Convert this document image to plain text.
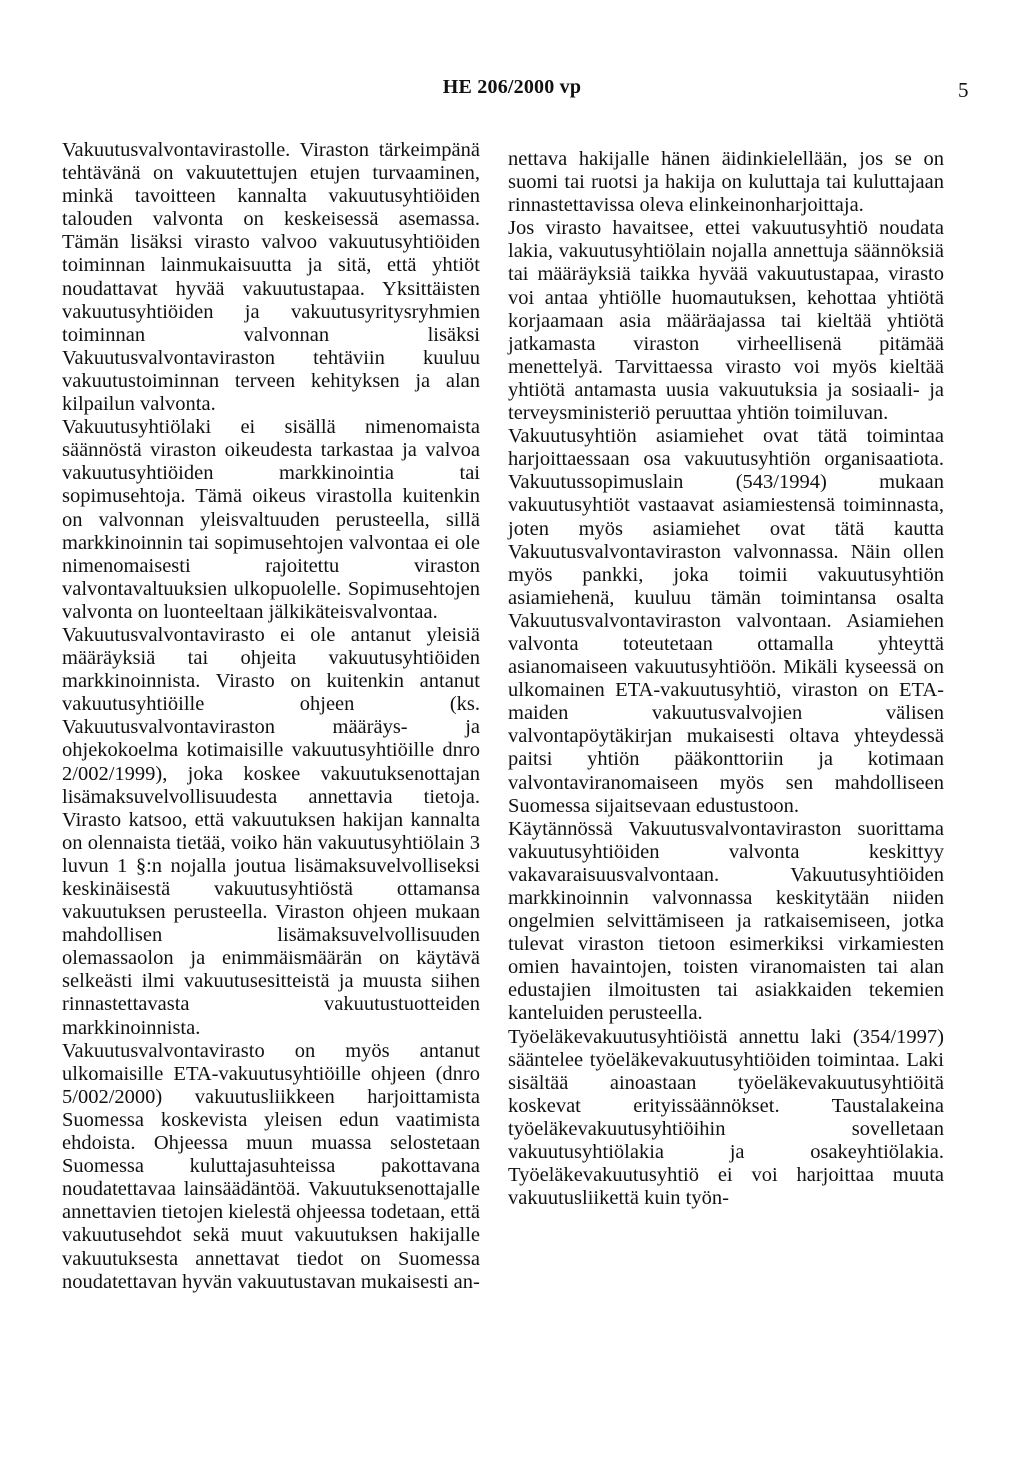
HE 206/2000 vp	5

Vakuutusvalvontavirastolle. Viraston tärkeimpänä tehtävänä on vakuutettujen etujen turvaaminen, minkä tavoitteen kannalta vakuutusyhtiöiden talouden valvonta on keskeisessä asemassa. Tämän lisäksi virasto valvoo vakuutusyhtiöiden toiminnan lainmukaisuutta ja sitä, että yhtiöt noudattavat hyvää vakuutustapaa. Yksittäisten vakuutusyhtiöiden ja vakuutusyritysryhmien toiminnan valvonnan lisäksi Vakuutusvalvontaviraston tehtäviin kuuluu vakuutustoiminnan terveen kehityksen ja alan kilpailun valvonta.

Vakuutusyhtiölaki ei sisällä nimenomaista säännöstä viraston oikeudesta tarkastaa ja valvoa vakuutusyhtiöiden markkinointia tai sopimusehtoja. Tämä oikeus virastolla kuitenkin on valvonnan yleisvaltuuden perusteella, sillä markkinoinnin tai sopimusehtojen valvontaa ei ole nimenomaisesti rajoitettu viraston valvontavaltuuksien ulkopuolelle. Sopimusehtojen valvonta on luonteeltaan jälkikäteisvalvontaa.

Vakuutusvalvontavirasto ei ole antanut yleisiä määräyksiä tai ohjeita vakuutusyhtiöiden markkinoinnista. Virasto on kuitenkin antanut vakuutusyhtiöille ohjeen (ks. Vakuutusvalvontaviraston määräys- ja ohjekokoelma kotimaisille vakuutusyhtiöille dnro 2/002/1999), joka koskee vakuutuksenottajan lisämaksuvelvollisuudesta annettavia tietoja. Virasto katsoo, että vakuutuksen hakijan kannalta on olennaista tietää, voiko hän vakuutusyhtiölain 3 luvun 1 §:n nojalla joutua lisämaksuvelvolliseksi keskinäisestä vakuutusyhtiöstä ottamansa vakuutuksen perusteella. Viraston ohjeen mukaan mahdollisen lisämaksuvelvollisuuden olemassaolon ja enimmäismäärän on käytävä selkeästi ilmi vakuutusesitteistä ja muusta siihen rinnastettavasta vakuutustuotteiden markkinoinnista.

Vakuutusvalvontavirasto on myös antanut ulkomaisille ETA-vakuutusyhtiöille ohjeen (dnro 5/002/2000) vakuutusliikkeen harjoittamista Suomessa koskevista yleisen edun vaatimista ehdoista. Ohjeessa muun muassa selostetaan Suomessa kuluttajasuhteissa pakottavana noudatettavaa lainsäädäntöä. Vakuutuksenottajalle annettavien tietojen kielestä ohjeessa todetaan, että vakuutusehdot sekä muut vakuutuksen hakijalle vakuutuksesta annettavat tiedot on Suomessa noudatettavan hyvän vakuutustavan mukaisesti an-

nettava hakijalle hänen äidinkielellään, jos se on suomi tai ruotsi ja hakija on kuluttaja tai kuluttajaan rinnastettavissa oleva elinkeinonharjoittaja.

Jos virasto havaitsee, ettei vakuutusyhtiö noudata lakia, vakuutusyhtiölain nojalla annettuja säännöksiä tai määräyksiä taikka hyvää vakuutustapaa, virasto voi antaa yhtiölle huomautuksen, kehottaa yhtiötä korjaamaan asia määräajassa tai kieltää yhtiötä jatkamasta viraston virheellisenä pitämää menettelyä. Tarvittaessa virasto voi myös kieltää yhtiötä antamasta uusia vakuutuksia ja sosiaali- ja terveysministeriö peruuttaa yhtiön toimiluvan.

Vakuutusyhtiön asiamiehet ovat tätä toimintaa harjoittaessaan osa vakuutusyhtiön organisaatiota. Vakuutussopimuslain (543/1994) mukaan vakuutusyhtiöt vastaavat asiamiestensä toiminnasta, joten myös asiamiehet ovat tätä kautta Vakuutusvalvontaviraston valvonnassa. Näin ollen myös pankki, joka toimii vakuutusyhtiön asiamiehenä, kuuluu tämän toimintansa osalta Vakuutusvalvontaviraston valvontaan. Asiamiehen valvonta toteutetaan ottamalla yhteyttä asianomaiseen vakuutusyhtiöön. Mikäli kyseessä on ulkomainen ETA-vakuutusyhtiö, viraston on ETA-maiden vakuutusvalvojien välisen valvontapöytäkirjan mukaisesti oltava yhteydessä paitsi yhtiön pääkonttoriin ja kotimaan valvontaviranomaiseen myös sen mahdolliseen Suomessa sijaitsevaan edustustoon.

Käytännössä Vakuutusvalvontaviraston suorittama vakuutusyhtiöiden valvonta keskittyy vakavaraisuusvalvontaan. Vakuutusyhtiöiden markkinoinnin valvonnassa keskitytään niiden ongelmien selvittämiseen ja ratkaisemiseen, jotka tulevat viraston tietoon esimerkiksi virkamiesten omien havaintojen, toisten viranomaisten tai alan edustajien ilmoitusten tai asiakkaiden tekemien kanteluiden perusteella.

Työeläkevakuutusyhtiöistä annettu laki (354/1997) sääntelee työeläkevakuutusyhtiöiden toimintaa. Laki sisältää ainoastaan työeläkevakuutusyhtiöitä koskevat erityissäännökset. Taustalakeina työeläkevakuutusyhtiöihin sovelletaan vakuutusyhtiölakia ja osakeyhtiölakia. Työeläkevakuutusyhtiö ei voi harjoittaa muuta vakuutusliikettä kuin työn-
